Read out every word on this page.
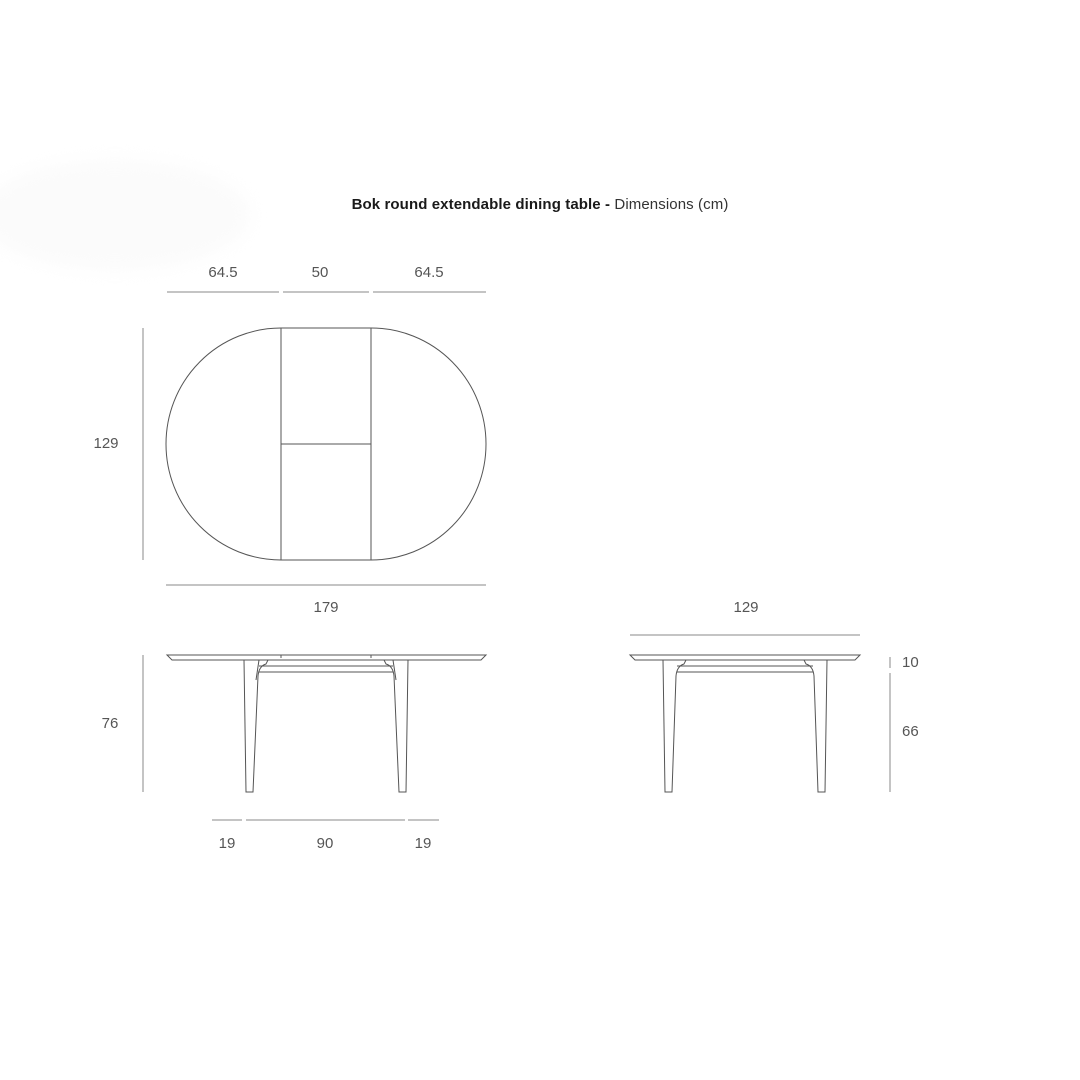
Bok round extendable dining table - Dimensions (cm)
64.5	50	64.5
129
179
76
19	90	19
129
10
66
